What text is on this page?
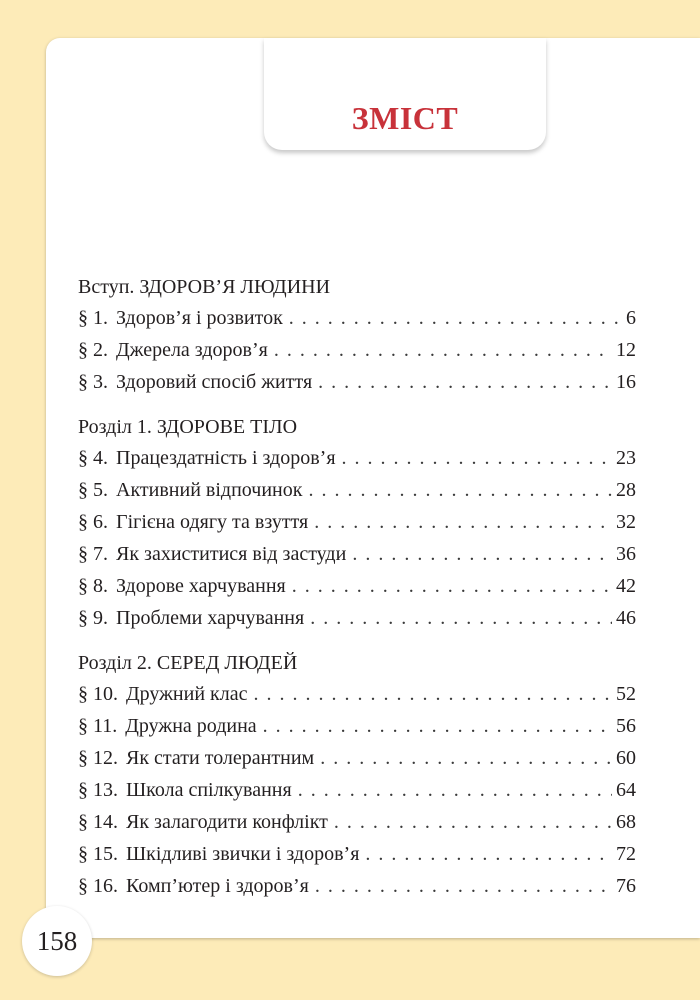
ЗМІСТ
Вступ. ЗДОРОВ’Я ЛЮДИНИ
§ 1. Здоров’я і розвиток . . .	6
§ 2. Джерела здоров’я . . .	12
§ 3. Здоровий спосіб життя . . .	16
Розділ 1. ЗДОРОВЕ ТІЛО
§ 4. Працездатність і здоров’я . . .	23
§ 5. Активний відпочинок . . .	28
§ 6. Гігієна одягу та взуття . . .	32
§ 7. Як захиститися від застуди . . .	36
§ 8. Здорове харчування . . .	42
§ 9. Проблеми харчування . . .	46
Розділ 2. СЕРЕД ЛЮДЕЙ
§ 10. Дружний клас . . .	52
§ 11. Дружна родина . . .	56
§ 12. Як стати толерантним . . .	60
§ 13. Школа спілкування . . .	64
§ 14. Як залагодити конфлікт . . .	68
§ 15. Шкідливі звички і здоров’я . . .	72
§ 16. Комп’ютер і здоров’я . . .	76
158
